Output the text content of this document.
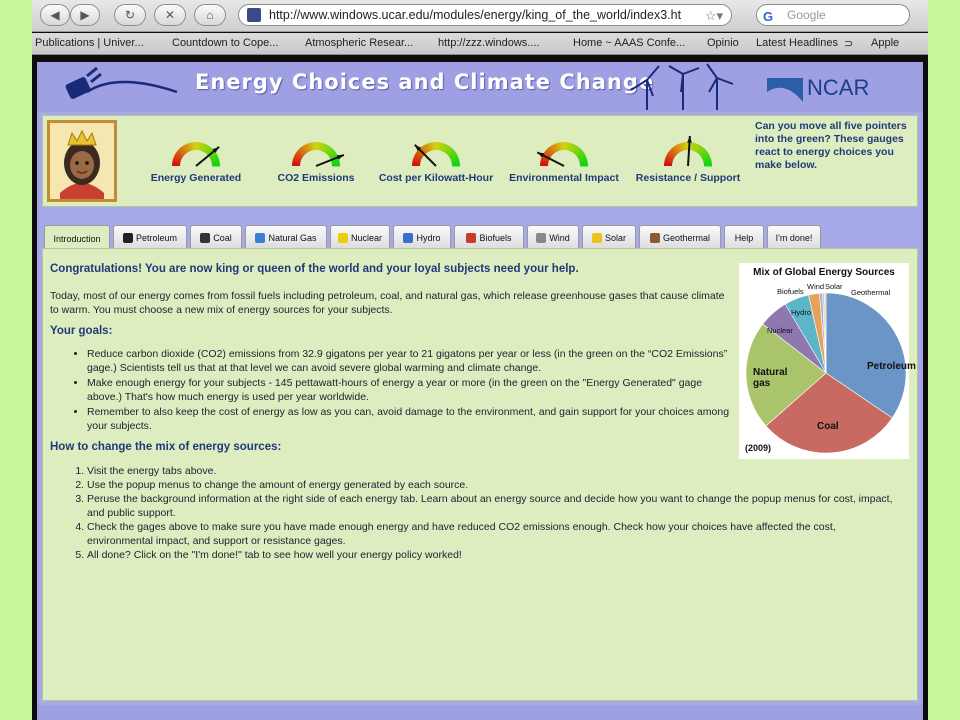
◀ ▶	↻ ✕	⌂	http://www.windows.ucar.edu/modules/energy/king_of_the_world/index3.ht ☆▾	G Google
Publications | Univer...	Countdown to Cope... Atmospheric Resear... http://zzz.windows....	Home ~ AAAS Confe... Opinio Latest Headlines ⊃ Apple
Energy Choices and Climate Change	NCAR
Energy Generated	CO2 Emissions	Cost per Kilowatt-Hour	Environmental Impact	Resistance / Support
Can you move all five pointers into the green? These gauges react to energy choices you make below.
Introduction	Petroleum	Coal	Natural Gas	Nuclear	Hydro	Biofuels	Wind	Solar	Geothermal	Help I'm done!
Congratulations! You are now king or queen of the world and your loyal subjects need your help.
Today, most of our energy comes from fossil fuels including petroleum, coal, and natural gas, which release greenhouse gases that cause climate to warm. You must choose a new mix of energy sources for your subjects.
Your goals:
• Reduce carbon dioxide (CO2) emissions from 32.9 gigatons per year to 21 gigatons per year or less (in the green on the “CO2 Emissions” gage.) Scientists tell us that at that level we can avoid severe global warming and climate change.
• Make enough energy for your subjects - 145 pettawatt-hours of energy a year or more (in the green on the "Energy Generated" gage above.) That's how much energy is used per year worldwide.
• Remember to also keep the cost of energy as low as you can, avoid damage to the environment, and gain support for your choices among your subjects.
How to change the mix of energy sources:
1. Visit the energy tabs above.
2. Use the popup menus to change the amount of energy generated by each source.
3. Peruse the background information at the right side of each energy tab. Learn about an energy source and decide how you want to change the popup menus for cost, impact, and public support.
4. Check the gages above to make sure you have made enough energy and have reduced CO2 emissions enough. Check how your choices have affected the cost, environmental impact, and support or resistance gages.
5. All done? Click on the "I'm done!" tab to see how well your energy policy worked!
Mix of Global Energy Sources
Petroleum
Coal
Natural gas
Nuclear
Hydro
Biofuels
Wind Solar
Geothermal
(2009)
